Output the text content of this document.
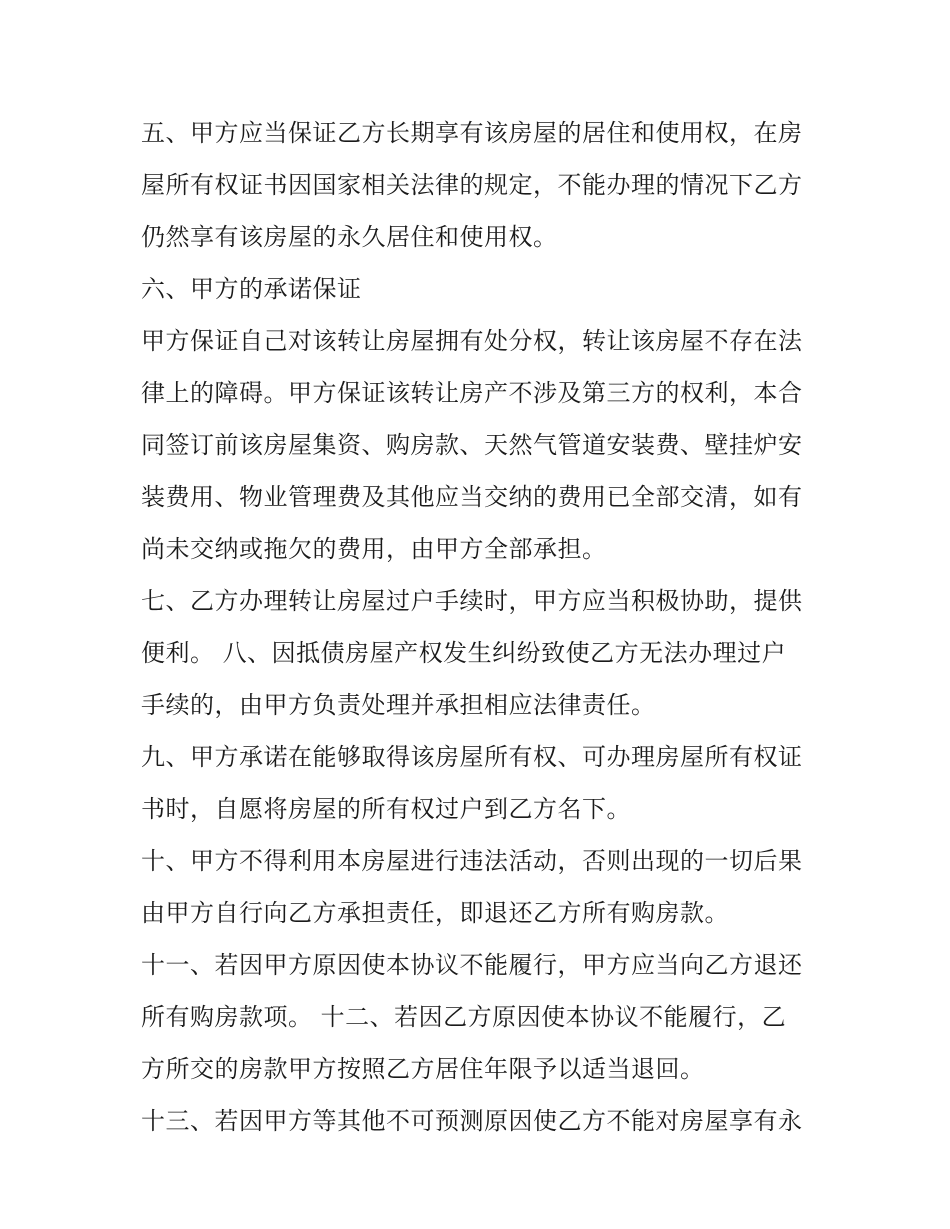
五、甲方应当保证乙方长期享有该房屋的居住和使用权，在房
屋所有权证书因国家相关法律的规定，不能办理的情况下乙方
仍然享有该房屋的永久居住和使用权。
六、甲方的承诺保证
甲方保证自己对该转让房屋拥有处分权，转让该房屋不存在法
律上的障碍。甲方保证该转让房产不涉及第三方的权利，本合
同签订前该房屋集资、购房款、天然气管道安装费、壁挂炉安
装费用、物业管理费及其他应当交纳的费用已全部交清，如有
尚未交纳或拖欠的费用，由甲方全部承担。
七、乙方办理转让房屋过户手续时，甲方应当积极协助，提供
便利。 八、因抵债房屋产权发生纠纷致使乙方无法办理过户
手续的，由甲方负责处理并承担相应法律责任。
九、甲方承诺在能够取得该房屋所有权、可办理房屋所有权证
书时，自愿将房屋的所有权过户到乙方名下。
十、甲方不得利用本房屋进行违法活动，否则出现的一切后果
由甲方自行向乙方承担责任，即退还乙方所有购房款。
十一、若因甲方原因使本协议不能履行，甲方应当向乙方退还
所有购房款项。 十二、若因乙方原因使本协议不能履行，乙
方所交的房款甲方按照乙方居住年限予以适当退回。
十三、若因甲方等其他不可预测原因使乙方不能对房屋享有永
